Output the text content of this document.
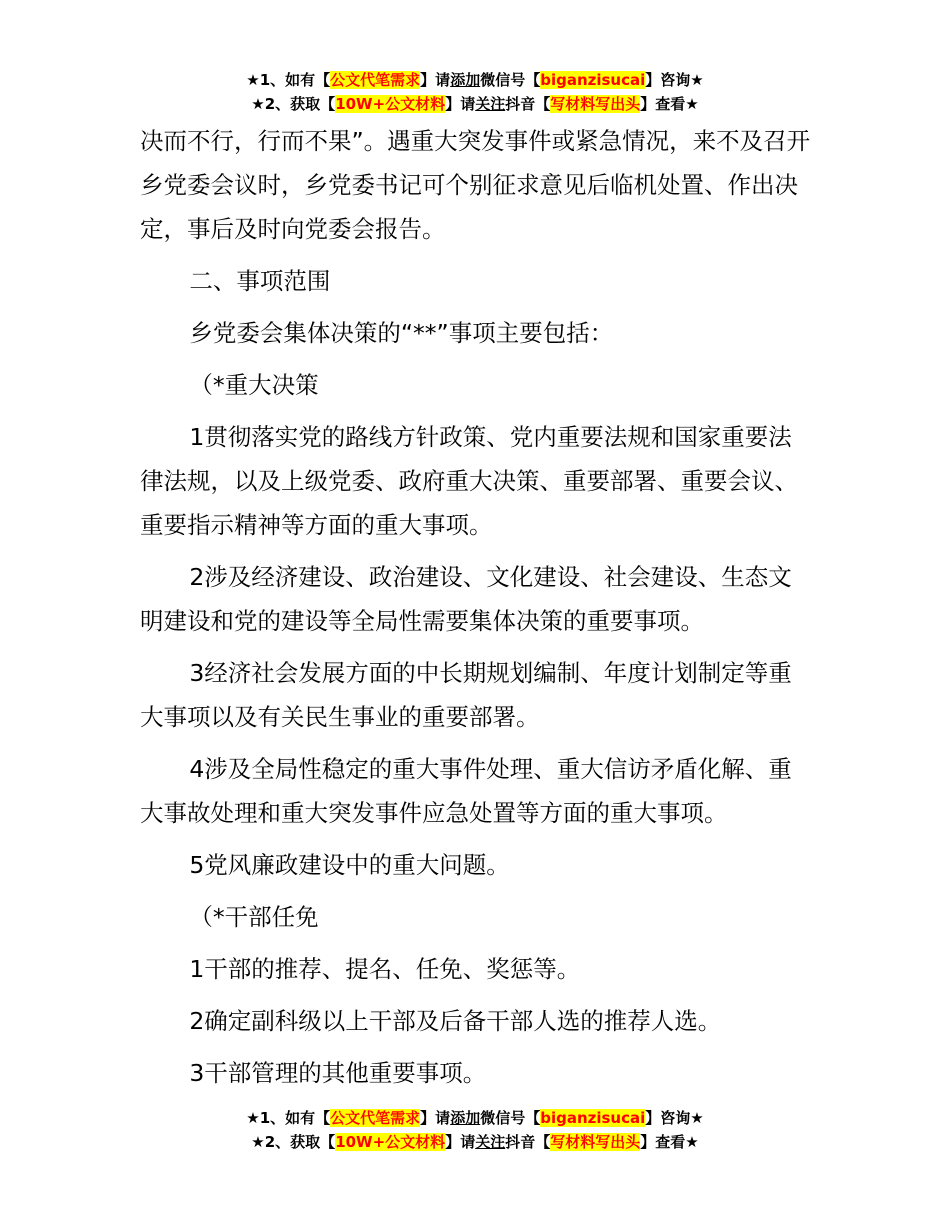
★1、如有【公文代笔需求】请添加微信号【biganzisucai】咨询★
★2、获取【10W+公文材料】请关注抖音【写材料写出头】查看★

决而不行，行而不果”。遇重大突发事件或紧急情况，来不及召开乡党委会议时，乡党委书记可个别征求意见后临机处置、作出决定，事后及时向党委会报告。

二、事项范围

乡党委会集体决策的“**”事项主要包括：

（*重大决策

1贯彻落实党的路线方针政策、党内重要法规和国家重要法律法规，以及上级党委、政府重大决策、重要部署、重要会议、重要指示精神等方面的重大事项。

2涉及经济建设、政治建设、文化建设、社会建设、生态文明建设和党的建设等全局性需要集体决策的重要事项。

3经济社会发展方面的中长期规划编制、年度计划制定等重大事项以及有关民生事业的重要部署。

4涉及全局性稳定的重大事件处理、重大信访矛盾化解、重大事故处理和重大突发事件应急处置等方面的重大事项。

5党风廉政建设中的重大问题。

（*干部任免

1干部的推荐、提名、任免、奖惩等。

2确定副科级以上干部及后备干部人选的推荐人选。

3干部管理的其他重要事项。

★1、如有【公文代笔需求】请添加微信号【biganzisucai】咨询★
★2、获取【10W+公文材料】请关注抖音【写材料写出头】查看★
